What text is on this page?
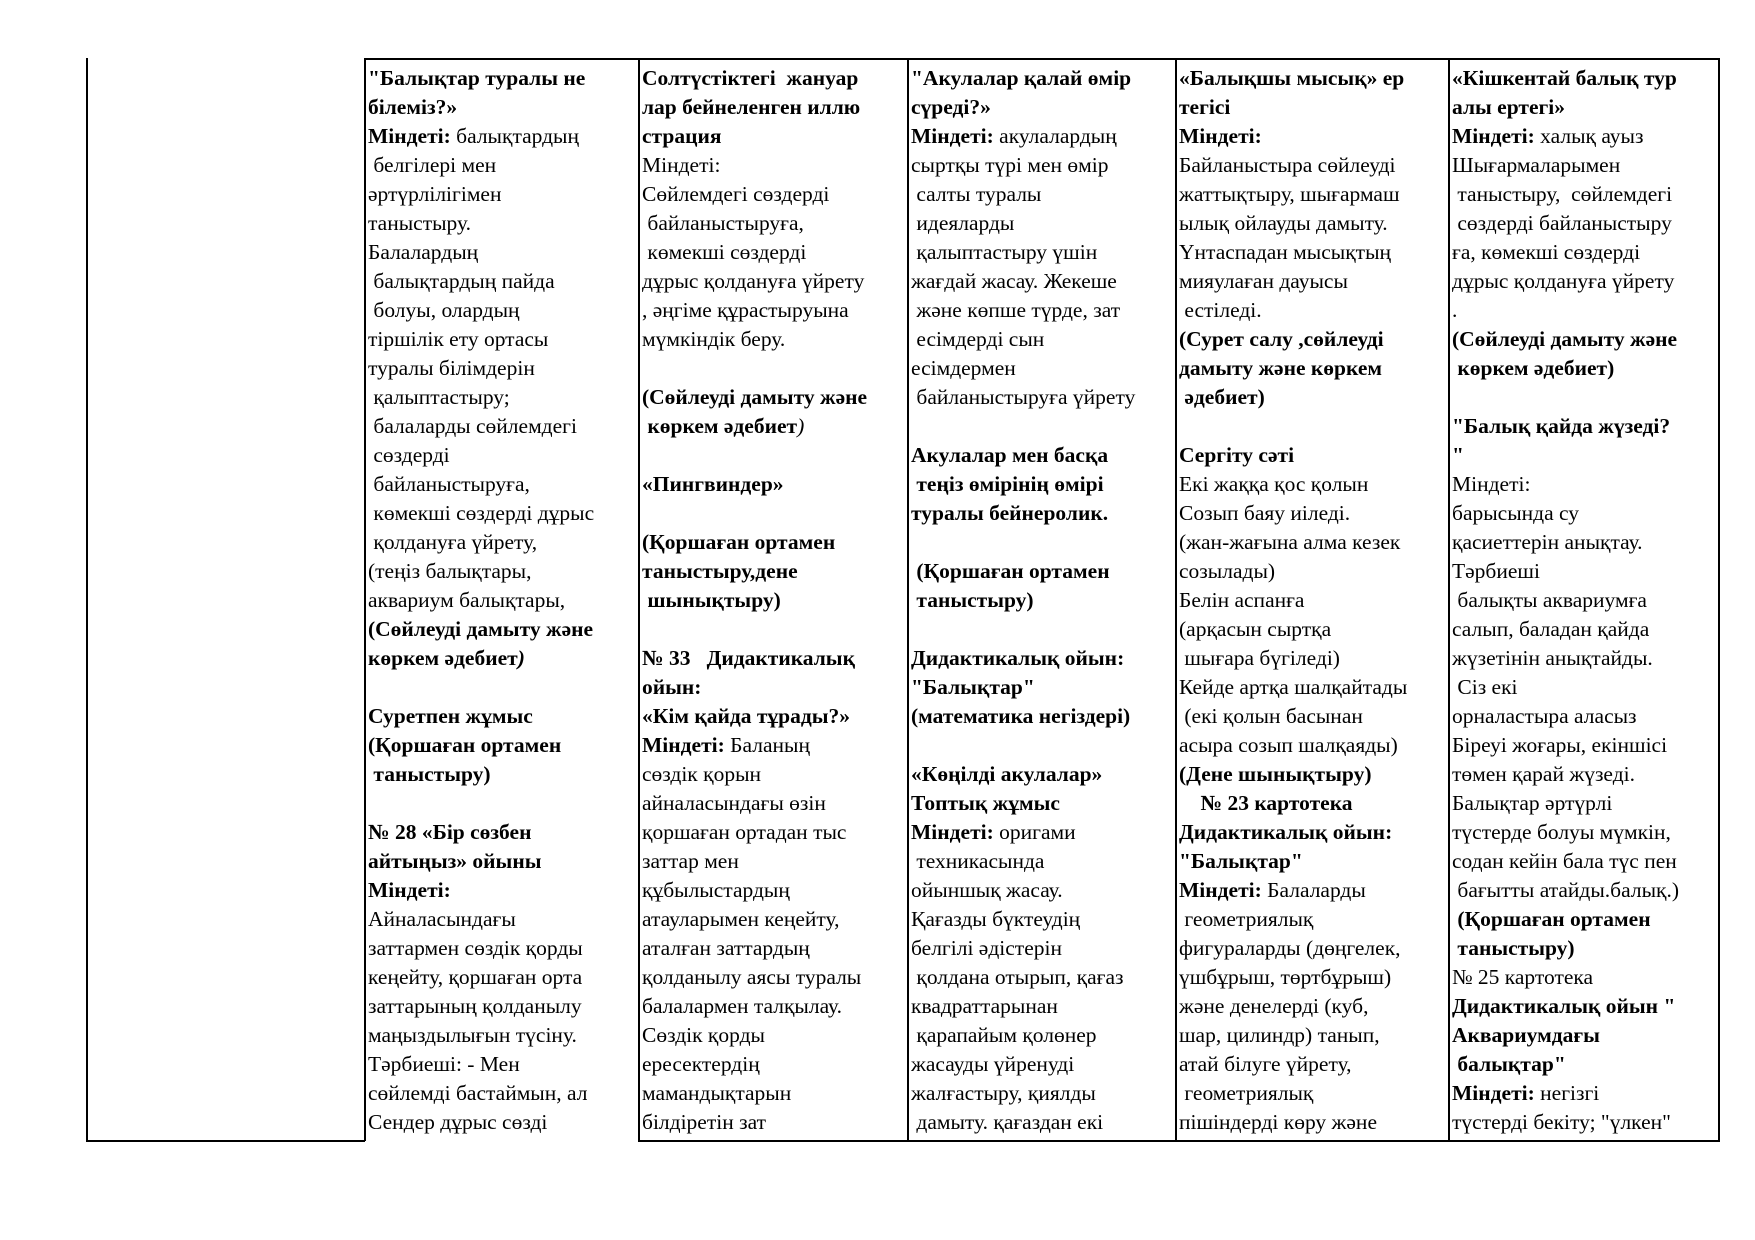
"Балықтар туралы не
білеміз?»
Міндеті: балықтардың
белгілері мен
әртүрлілігімен
таныстыру.
Балалардың
балықтардың пайда
болуы, олардың
тіршілік ету ортасы
туралы білімдерін
қалыптастыру;
балаларды сөйлемдегі
сөздерді
байланыстыруға,
көмекші сөздерді дұрыс
қолдануға үйрету,
(теңіз балықтары,
аквариум балықтары,
(Сөйлеуді дамыту және
көркем әдебиет)
Суретпен жұмыс
(Қоршаған ортамен
таныстыру)
№ 28 «Бір сөзбен
айтыңыз» ойыны
Міндеті:
Айналасындағы
заттармен сөздік қорды
кеңейту, қоршаған орта
заттарының қолданылу
маңыздылығын түсіну.
Тәрбиеші: - Мен
сөйлемді бастаймын, ал
Сендер дұрыс сөзді
Солтүстіктегі  жануар
лар бейнеленген иллю
страция
Міндеті:
Сөйлемдегі сөздерді
байланыстыруға,
көмекші сөздерді
дұрыс қолдануға үйрету
, әңгіме құрастыруына
мүмкіндік беру.
(Сөйлеуді дамыту және
көркем әдебиет)
«Пингвиндер»
(Қоршаған ортамен
таныстыру,дене
шынықтыру)
№ 33   Дидактикалық
ойын:
«Кім қайда тұрады?»
Міндеті: Баланың
сөздік қорын
айналасындағы өзін
қоршаған ортадан тыс
заттар мен
құбылыстардың
атауларымен кеңейту,
аталған заттардың
қолданылу аясы туралы
балалармен талқылау.
Сөздік қорды
ересектердің
мамандықтарын
білдіретін зат
"Акулалар қалай өмір
сүреді?»
Міндеті: акулалардың
сыртқы түрі мен өмір
салты туралы
идеяларды
қалыптастыру үшін
жағдай жасау. Жекеше
және көпше түрде, зат
есімдерді сын
есімдермен
байланыстыруға үйрету
Акулалар мен басқа
теңіз өмірінің өмірі
туралы бейнеролик.
(Қоршаған ортамен
таныстыру)
Дидактикалық ойын:
"Балықтар"
(математика негіздері)
«Көңілді акулалар»
Топтық жұмыс
Міндеті: оригами
техникасында
ойыншық жасау.
Қағазды бүктеудің
белгілі әдістерін
қолдана отырып, қағаз
квадраттарынан
қарапайым қолөнер
жасауды үйренуді
жалғастыру, қиялды
дамыту. қағаздан екі
«Балықшы мысық» ер
тегісі
Міндеті:
Байланыстыра сөйлеуді
жаттықтыру, шығармаш
ылық ойлауды дамыту.
Үнтаспадан мысықтың
мияулаған дауысы
естіледі.
(Сурет салу ,сөйлеуді
дамыту және көркем
әдебиет)
Сергіту сәті
Екі жаққа қос қолын
Созып баяу иіледі.
(жан-жағына алма кезек
созылады)
Белін аспанға
(арқасын сыртқа
шығара бүгіледі)
Кейде артқа шалқайтады
(екі қолын басынан
асыра созып шалқаяды)
(Дене шынықтыру)
№ 23 картотека
Дидактикалық ойын:
"Балықтар"
Міндеті: Балаларды
геометриялық
фигураларды (дөңгелек,
үшбұрыш, төртбұрыш)
және денелерді (куб,
шар, цилиндр) танып,
атай білуге үйрету,
геометриялық
пішіндерді көру және
«Кішкентай балық тур
алы ертегі»
Міндеті: халық ауыз
Шығармаларымен
таныстыру,  сөйлемдегі
сөздерді байланыстыру
ға, көмекші сөздерді
дұрыс қолдануға үйрету
.
(Сөйлеуді дамыту және
көркем әдебиет)
"Балық қайда жүзеді?
"
Міндеті:
барысында су
қасиеттерін анықтау.
Тәрбиеші
балықты аквариумға
салып, баладан қайда
жүзетінін анықтайды.
Сіз екі
орналастыра аласыз
Біреуі жоғары, екіншісі
төмен қарай жүзеді.
Балықтар әртүрлі
түстерде болуы мүмкін,
содан кейін бала түс пен
бағытты атайды.балық.)
(Қоршаған ортамен
таныстыру)
№ 25 картотека
Дидактикалық ойын "
Аквариумдағы
балықтар"
Міндеті: негізгі
түстерді бекіту; "үлкен"
